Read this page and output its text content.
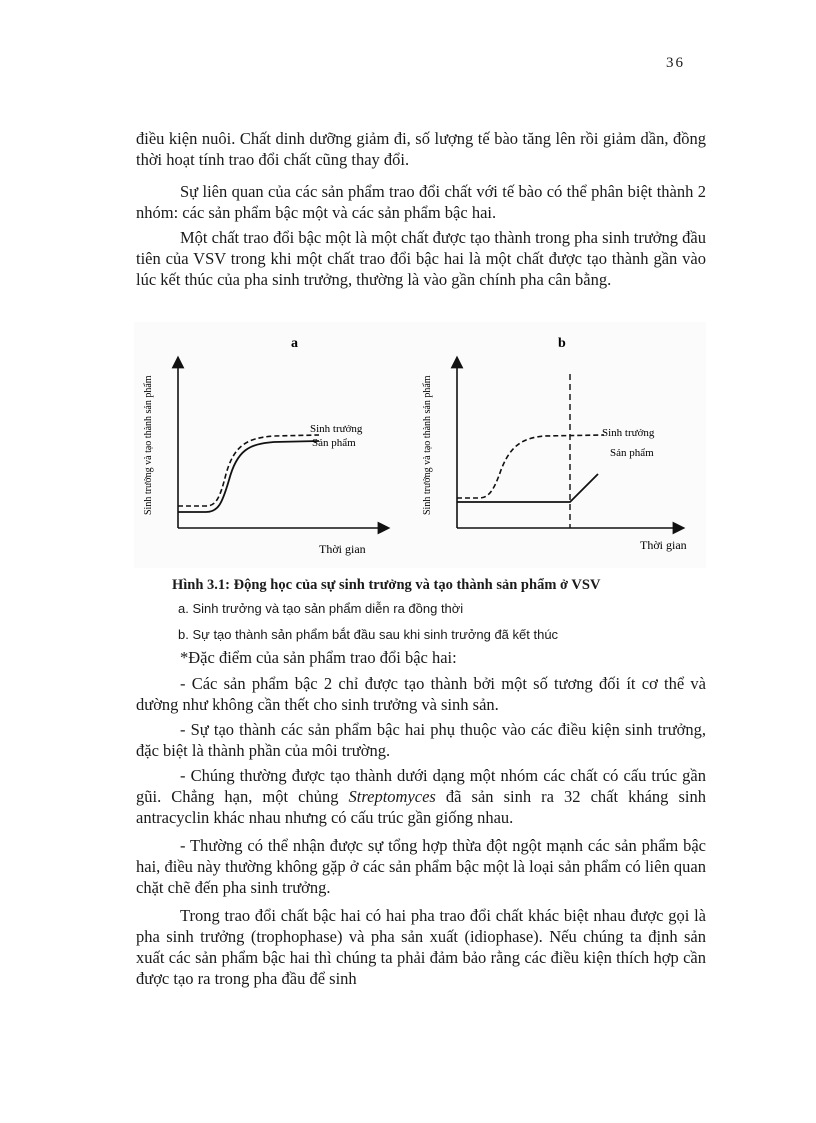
36

điều kiện nuôi. Chất dinh dưỡng giảm đi, số lượng tế bào tăng lên rồi giảm dần, đồng thời hoạt tính trao đổi chất cũng thay đổi.

Sự liên quan của các sản phẩm trao đổi chất với tế bào có thể phân biệt thành 2 nhóm: các sản phẩm bậc một và các sản phẩm bậc hai.

Một chất trao đổi bậc một là một chất được tạo thành trong pha sinh trưởng đầu tiên của VSV trong khi một chất trao đổi bậc hai là một chất được tạo thành gần vào lúc kết thúc của pha sinh trưởng, thường là vào gần chính pha cân bằng.

a
Sinh trưởng
Sản phẩm
Thời gian
Sinh trưởng và tạo thành sản phẩm
b
Sinh trưởng
Sản phẩm
Thời gian
Sinh trưởng và tạo thành sản phẩm
Hình 3.1: Động học của sự sinh trưởng và tạo thành sản phẩm ở VSV
a. Sinh trưởng và tạo sản phẩm diễn ra đồng thời
b. Sự tạo thành sản phẩm bắt đầu sau khi sinh trưởng đã kết thúc

*Đặc điểm của sản phẩm trao đổi bậc hai:

- Các sản phẩm bậc 2 chỉ được tạo thành bởi một số tương đối ít cơ thể và dường như không cần thết cho sinh trưởng và sinh sản.

- Sự tạo thành các sản phẩm bậc hai phụ thuộc vào các điều kiện sinh trưởng, đặc biệt là thành phần của môi trường.

- Chúng thường được tạo thành dưới dạng một nhóm các chất có cấu trúc gần gũi. Chẳng hạn, một chủng Streptomyces đã sản sinh ra 32 chất kháng sinh antracyclin khác nhau nhưng có cấu trúc gần giống nhau.

- Thường có thể nhận được sự tổng hợp thừa đột ngột mạnh các sản phẩm bậc hai, điều này thường không gặp ở các sản phẩm bậc một là loại sản phẩm có liên quan chặt chẽ đến pha sinh trưởng.

Trong trao đổi chất bậc hai có hai pha trao đổi chất khác biệt nhau được gọi là pha sinh trưởng (trophophase) và pha sản xuất (idiophase). Nếu chúng ta định sản xuất các sản phẩm bậc hai thì chúng ta phải đảm bảo rằng các điều kiện thích hợp cần được tạo ra trong pha đầu để sinh
